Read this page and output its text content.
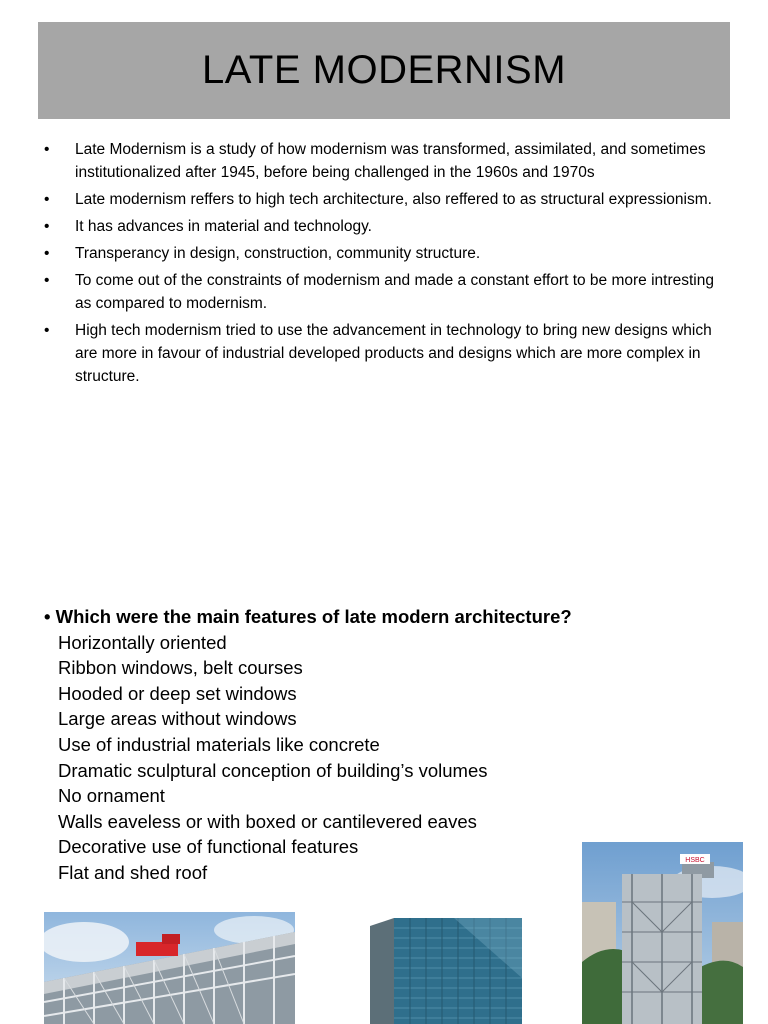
LATE MODERNISM
• Late Modernism is a study of how modernism was transformed, assimilated, and sometimes institutionalized after 1945, before being challenged in the 1960s and 1970s
• Late modernism reffers to high tech architecture, also reffered to as structural expressionism.
• It has advances in material and technology.
• Transperancy in design, construction, community structure.
• To come out of the constraints of modernism and made a constant effort to be more intresting as compared to modernism.
• High tech modernism tried to use the advancement in technology to bring new designs which are more in favour of industrial developed products and designs which are more complex in structure.
• Which were the main features of late modern architecture?
Horizontally oriented
Ribbon windows, belt courses
Hooded or deep set windows
Large areas without windows
Use of industrial materials like concrete
Dramatic sculptural conception of building’s volumes
No ornament
Walls eaveless or with boxed or cantilevered eaves
Decorative use of functional features
Flat and shed roof
HSBC
